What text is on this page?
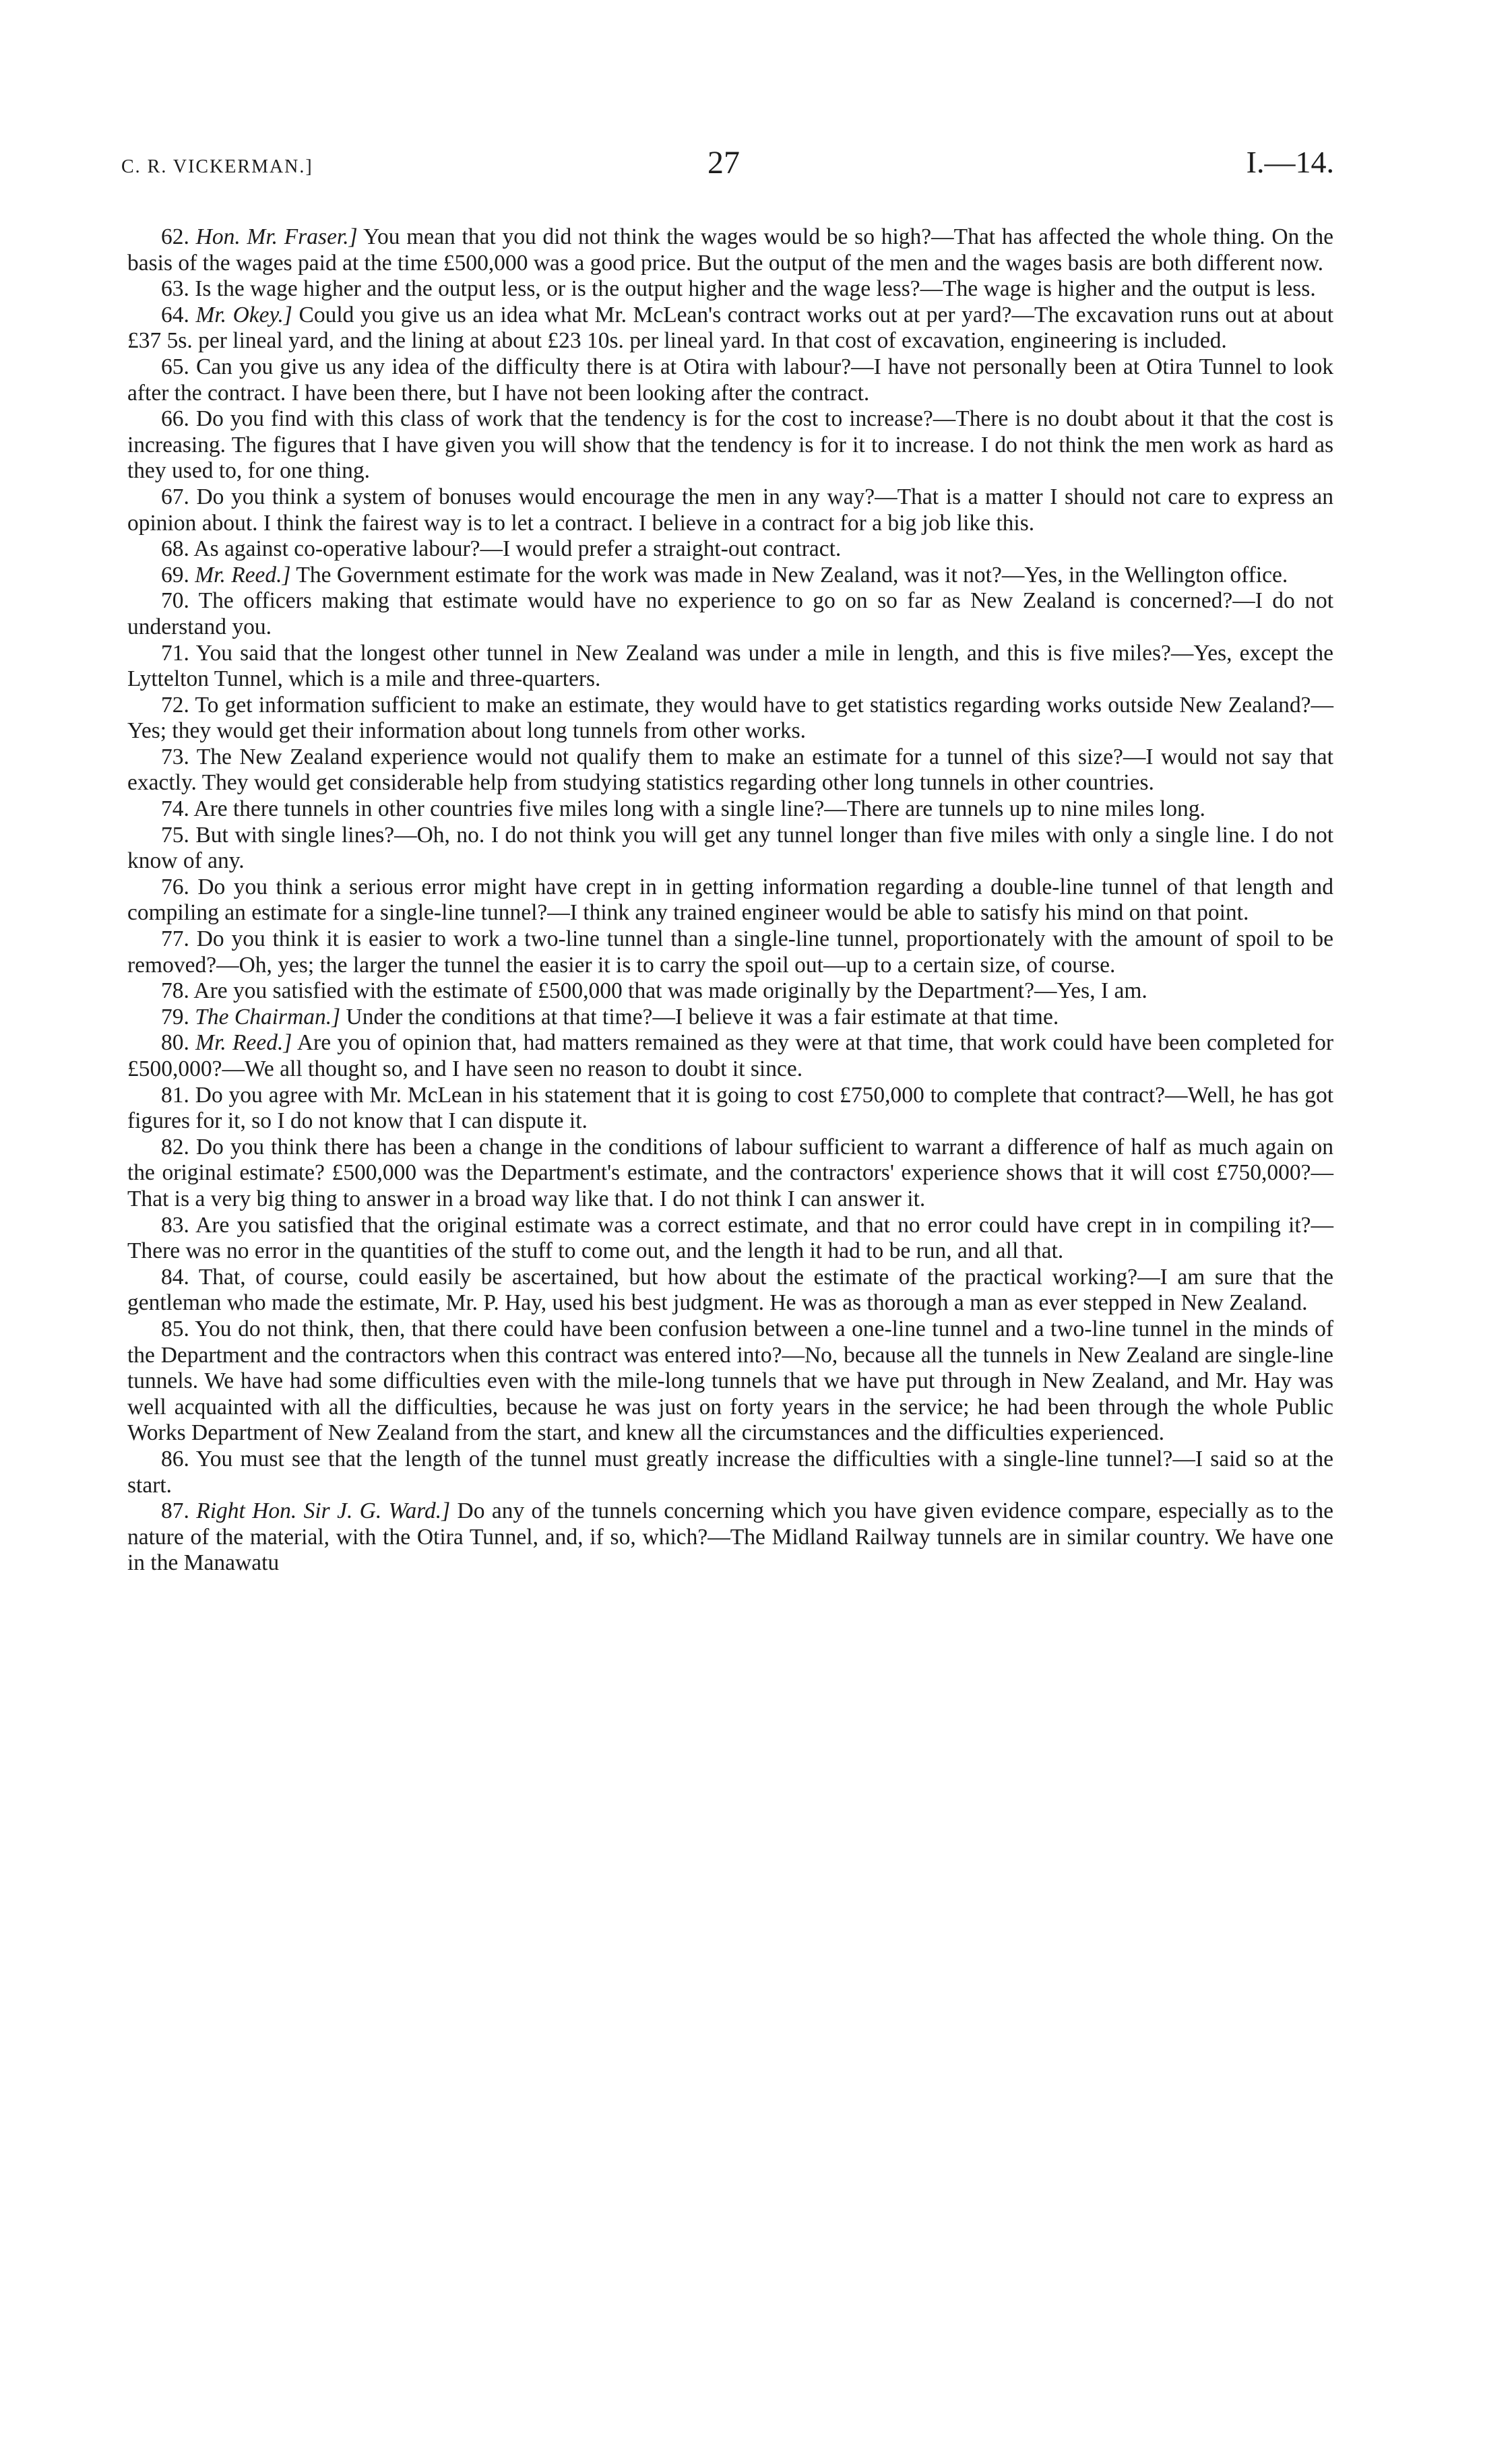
C. R. VICKERMAN.]	27	I.—14.

62. Hon. Mr. Fraser.] You mean that you did not think the wages would be so high?—That has affected the whole thing. On the basis of the wages paid at the time £500,000 was a good price. But the output of the men and the wages basis are both different now.

63. Is the wage higher and the output less, or is the output higher and the wage less?—The wage is higher and the output is less.

64. Mr. Okey.] Could you give us an idea what Mr. McLean's contract works out at per yard?—The excavation runs out at about £37 5s. per lineal yard, and the lining at about £23 10s. per lineal yard. In that cost of excavation, engineering is included.

65. Can you give us any idea of the difficulty there is at Otira with labour?—I have not personally been at Otira Tunnel to look after the contract. I have been there, but I have not been looking after the contract.

66. Do you find with this class of work that the tendency is for the cost to increase?—There is no doubt about it that the cost is increasing. The figures that I have given you will show that the tendency is for it to increase. I do not think the men work as hard as they used to, for one thing.

67. Do you think a system of bonuses would encourage the men in any way?—That is a matter I should not care to express an opinion about. I think the fairest way is to let a contract. I believe in a contract for a big job like this.

68. As against co-operative labour?—I would prefer a straight-out contract.

69. Mr. Reed.] The Government estimate for the work was made in New Zealand, was it not?—Yes, in the Wellington office.

70. The officers making that estimate would have no experience to go on so far as New Zealand is concerned?—I do not understand you.

71. You said that the longest other tunnel in New Zealand was under a mile in length, and this is five miles?—Yes, except the Lyttelton Tunnel, which is a mile and three-quarters.

72. To get information sufficient to make an estimate, they would have to get statistics regarding works outside New Zealand?—Yes; they would get their information about long tunnels from other works.

73. The New Zealand experience would not qualify them to make an estimate for a tunnel of this size?—I would not say that exactly. They would get considerable help from studying statistics regarding other long tunnels in other countries.

74. Are there tunnels in other countries five miles long with a single line?—There are tunnels up to nine miles long.

75. But with single lines?—Oh, no. I do not think you will get any tunnel longer than five miles with only a single line. I do not know of any.

76. Do you think a serious error might have crept in in getting information regarding a double-line tunnel of that length and compiling an estimate for a single-line tunnel?—I think any trained engineer would be able to satisfy his mind on that point.

77. Do you think it is easier to work a two-line tunnel than a single-line tunnel, proportionately with the amount of spoil to be removed?—Oh, yes; the larger the tunnel the easier it is to carry the spoil out—up to a certain size, of course.

78. Are you satisfied with the estimate of £500,000 that was made originally by the Department?—Yes, I am.

79. The Chairman.] Under the conditions at that time?—I believe it was a fair estimate at that time.

80. Mr. Reed.] Are you of opinion that, had matters remained as they were at that time, that work could have been completed for £500,000?—We all thought so, and I have seen no reason to doubt it since.

81. Do you agree with Mr. McLean in his statement that it is going to cost £750,000 to complete that contract?—Well, he has got figures for it, so I do not know that I can dispute it.

82. Do you think there has been a change in the conditions of labour sufficient to warrant a difference of half as much again on the original estimate? £500,000 was the Department's estimate, and the contractors' experience shows that it will cost £750,000?—That is a very big thing to answer in a broad way like that. I do not think I can answer it.

83. Are you satisfied that the original estimate was a correct estimate, and that no error could have crept in in compiling it?—There was no error in the quantities of the stuff to come out, and the length it had to be run, and all that.

84. That, of course, could easily be ascertained, but how about the estimate of the practical working?—I am sure that the gentleman who made the estimate, Mr. P. Hay, used his best judgment. He was as thorough a man as ever stepped in New Zealand.

85. You do not think, then, that there could have been confusion between a one-line tunnel and a two-line tunnel in the minds of the Department and the contractors when this contract was entered into?—No, because all the tunnels in New Zealand are single-line tunnels. We have had some difficulties even with the mile-long tunnels that we have put through in New Zealand, and Mr. Hay was well acquainted with all the difficulties, because he was just on forty years in the service; he had been through the whole Public Works Department of New Zealand from the start, and knew all the circumstances and the difficulties experienced.

86. You must see that the length of the tunnel must greatly increase the difficulties with a single-line tunnel?—I said so at the start.

87. Right Hon. Sir J. G. Ward.] Do any of the tunnels concerning which you have given evidence compare, especially as to the nature of the material, with the Otira Tunnel, and, if so, which?—The Midland Railway tunnels are in similar country. We have one in the Manawatu
